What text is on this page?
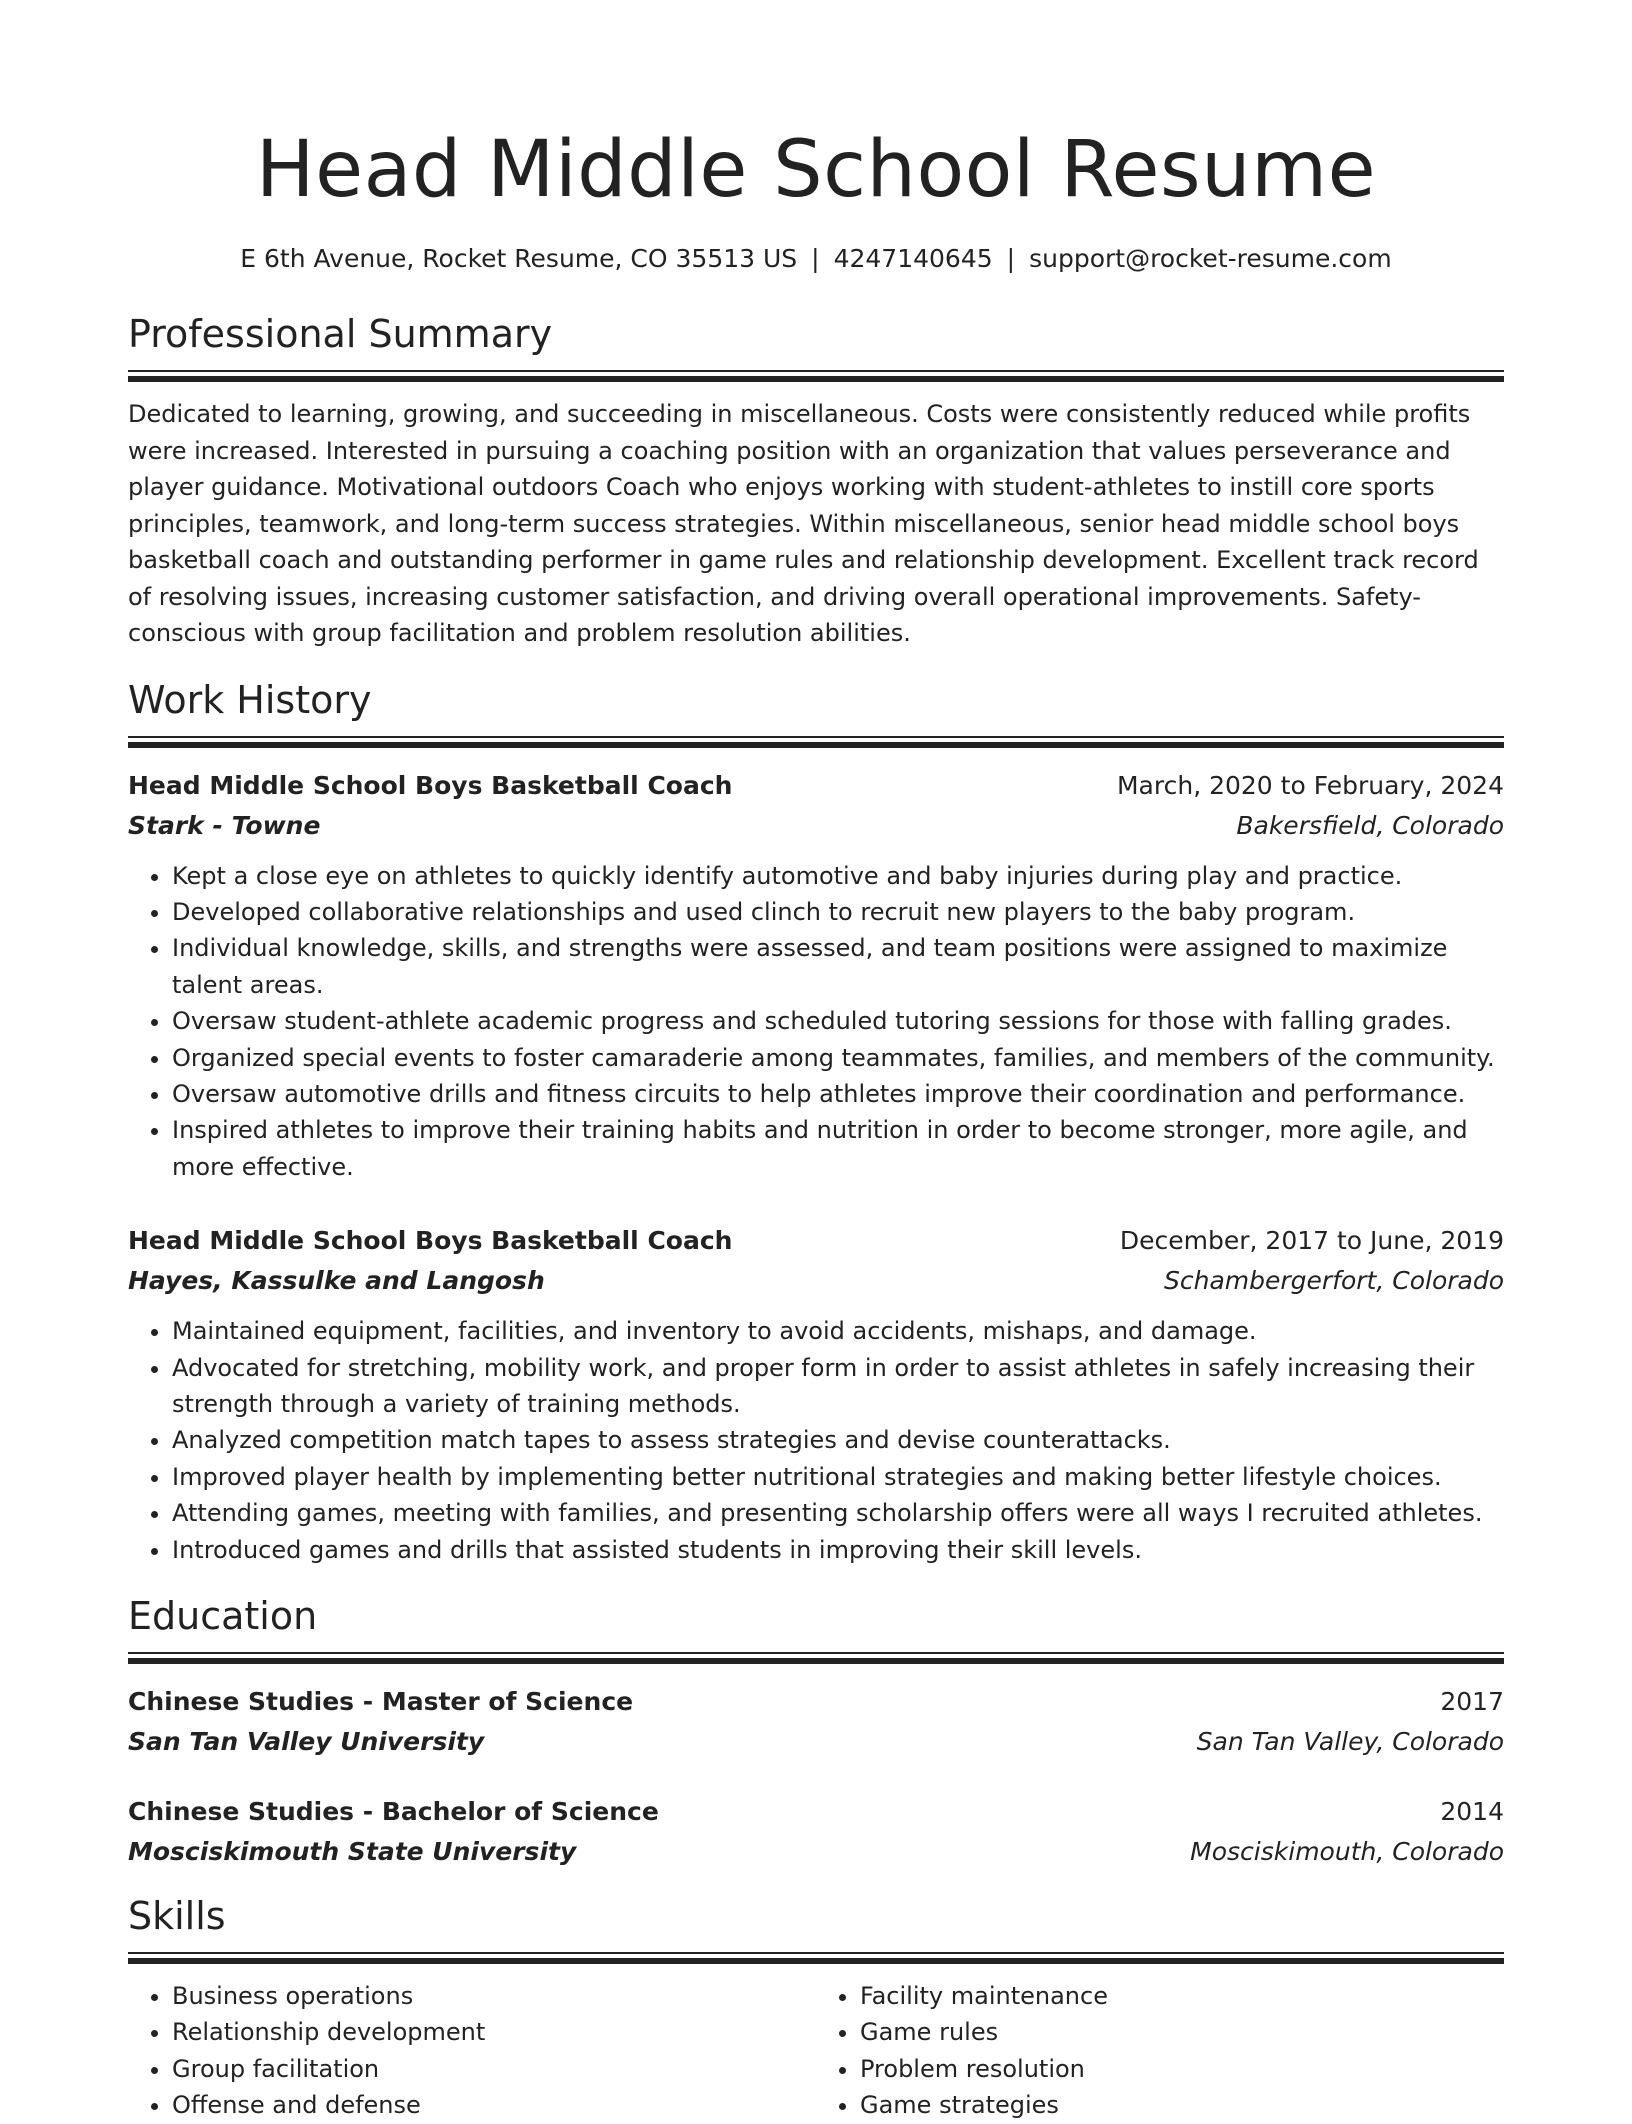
Head Middle School Resume
E 6th Avenue, Rocket Resume, CO 35513 US | 4247140645 | support@rocket-resume.com
Professional Summary

Dedicated to learning, growing, and succeeding in miscellaneous. Costs were consistently reduced while profits were increased. Interested in pursuing a coaching position with an organization that values perseverance and player guidance. Motivational outdoors Coach who enjoys working with student-athletes to instill core sports principles, teamwork, and long-term success strategies. Within miscellaneous, senior head middle school boys basketball coach and outstanding performer in game rules and relationship development. Excellent track record of resolving issues, increasing customer satisfaction, and driving overall operational improvements. Safety-conscious with group facilitation and problem resolution abilities.

Work History
Head Middle School Boys Basketball Coach	March, 2020 to February, 2024
Stark - Towne	Bakersfield, Colorado
• Kept a close eye on athletes to quickly identify automotive and baby injuries during play and practice.
• Developed collaborative relationships and used clinch to recruit new players to the baby program.
• Individual knowledge, skills, and strengths were assessed, and team positions were assigned to maximize talent areas.
• Oversaw student-athlete academic progress and scheduled tutoring sessions for those with falling grades.
• Organized special events to foster camaraderie among teammates, families, and members of the community.
• Oversaw automotive drills and fitness circuits to help athletes improve their coordination and performance.
• Inspired athletes to improve their training habits and nutrition in order to become stronger, more agile, and more effective.
Head Middle School Boys Basketball Coach	December, 2017 to June, 2019
Hayes, Kassulke and Langosh	Schambergerfort, Colorado
• Maintained equipment, facilities, and inventory to avoid accidents, mishaps, and damage.
• Advocated for stretching, mobility work, and proper form in order to assist athletes in safely increasing their strength through a variety of training methods.
• Analyzed competition match tapes to assess strategies and devise counterattacks.
• Improved player health by implementing better nutritional strategies and making better lifestyle choices.
• Attending games, meeting with families, and presenting scholarship offers were all ways I recruited athletes.
• Introduced games and drills that assisted students in improving their skill levels.
Education
Chinese Studies - Master of Science	2017
San Tan Valley University	San Tan Valley, Colorado
Chinese Studies - Bachelor of Science	2014
Mosciskimouth State University	Mosciskimouth, Colorado
Skills
• Business operations
• Relationship development
• Group facilitation
• Offense and defense
• Facility maintenance
• Game rules
• Problem resolution
• Game strategies
